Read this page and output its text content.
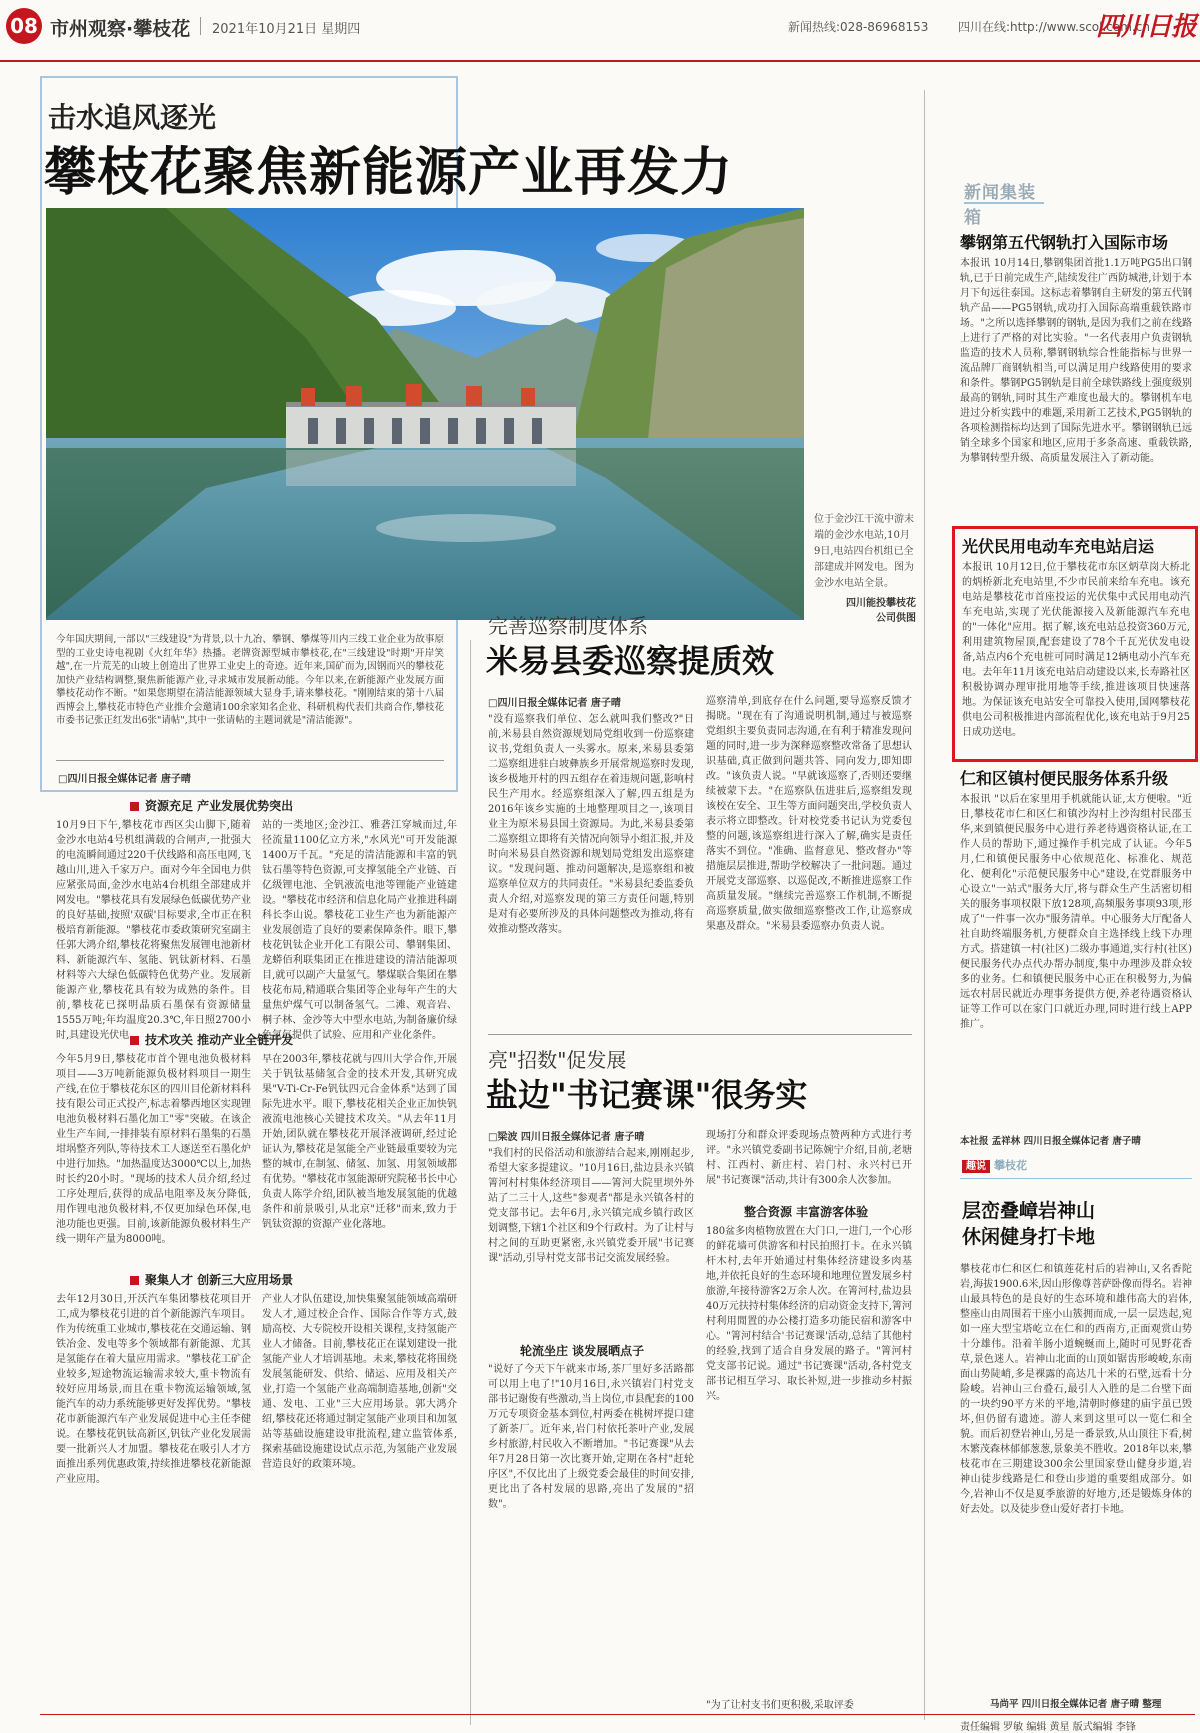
08 市州观察·攀枝花 2021年10月21日 星期四	新闻热线:028-86968153 四川在线:http://www.scol.com.cn
四川日报
击水追风逐光
攀枝花聚焦新能源产业再发力
位于金沙江干流中游末端的金沙水电站,10月9日,电站四台机组已全部建成并网发电。图为金沙水电站全景。
四川能投攀枝花公司供图
今年国庆期间,一部以"三线建设"为背景,以十九冶、攀钢、攀煤等川内三线工业企业为故事原型的工业史诗电视剧《火红年华》热播。老牌资源型城市攀枝花,在"三线建设"时期"开岸笑越",在一片荒芜的山坡上创造出了世界工业史上的奇迹。近年来,国矿而为,因钢而兴的攀枝花加快产业结构调整,聚焦新能源产业,寻求城市发展新动能。今年以来,在新能源产业发展方面攀枝花动作不断。"如果您期望在清洁能源领域大显身手,请来攀枝花。"刚刚结束的第十八届西博会上,攀枝花市特色产业推介会邀请100余家知名企业、科研机构代表们共商合作,攀枝花市委书记张正红发出6张"请帖",其中一张请帖的主题词就是"清洁能源"。
□四川日报全媒体记者 唐子晴
资源充足 产业发展优势突出
10月9日下午,攀枝花市西区尖山脚下,随着金沙水电站4号机组满载的合闸声,一批强大的电流瞬间通过220千伏线路和高压电网,飞越山川,进入千家万户。面对今年全国电力供应紧张局面,金沙水电站4台机组全部建成并网发电。"攀枝花具有发展绿色低碳优势产业的良好基础,按照'双碳'目标要求,全市正在积极培育新能源。"攀枝花市委政策研究室副主任郭大鸿介绍,攀枝花将聚焦发展锂电池新材料、新能源汽车、氢能、钒钛新材料、石墨材料等六大绿色低碳特色优势产业。发展新能源产业,攀枝花具有较为成熟的条件。目前,攀枝花已探明晶质石墨保有资源储量1555万吨;年均温度20.3℃,年日照2700小时,具建设光伏电
站的一类地区;金沙江、雅砻江穿城而过,年径流量1100亿立方米,"水风光"可开发能源1400万千瓦。"充足的清洁能源和丰富的钒钛石墨等特色资源,可支撑氢能全产业链、百亿级锂电池、全钒液流电池等锂能产业链建设。"攀枝花市经济和信息化局产业推进科副科长李山说。攀枝花工业生产也为新能源产业发展创造了良好的要素保障条件。眼下,攀枝花钒钛企业开化工有限公司、攀钢集团、龙蟒佰利联集团正在推进建设的清洁能源项目,就可以副产大量氢气。攀煤联合集团在攀枝花布局,精通联合集团等企业每年产生的大量焦炉煤气可以制备氢气。二滩、观音岩、桐子林、金沙等大中型水电站,为制备廉价绿色氢气提供了试验、应用和产业化条件。
技术攻关 推动产业全链开发
今年5月9日,攀枝花市首个锂电池负极材料项目——3万吨新能源负极材料项目一期生产线,在位于攀枝花东区的四川目伦新材料科技有限公司正式投产,标志着攀西地区实现锂电池负极材料石墨化加工"零"突破。在该企业生产车间,一排排装有原材料石墨集的石墨坩埚整齐列队,等待技术工人逐送至石墨化炉中进行加热。"加热温度达3000℃以上,加热时长约20小时。"现场的技术人员介绍,经过工序处理后,获得的成品电阻率及灰分降低,用作锂电池负极材料,不仅更加绿色环保,电池功能也更强。目前,该新能源负极材料生产线一期年产量为8000吨。
早在2003年,攀枝花就与四川大学合作,开展关于钒钛基储氢合金的技术开发,其研究成果"V-Ti-Cr-Fe钒钛四元合金体系"达到了国际先进水平。眼下,攀枝花相关企业正加快钒液流电池核心关键技术攻关。"从去年11月开始,团队就在攀枝花开展泽液调研,经过论证认为,攀枝花是氢能全产业链最重要较为完整的城市,在制氢、储氢、加氢、用氢领域都有优势。"攀枝花市氢能源研究院秘书长中心负责人陈学介绍,团队被当地发展氢能的优越条件和前景吸引,从北京"迁移"而来,致力于钒钛资源的资源产业化落地。
聚集人才 创新三大应用场景
去年12月30日,开沃汽车集团攀枝花项目开工,成为攀枝花引进的首个新能源汽车项目。作为传统重工业城市,攀枝花在交通运输、钢铁冶金、发电等多个领域都有新能源、尤其是氢能存在着大量应用需求。"攀枝花工矿企业较多,短途物流运输需求较大,重卡物流有较好应用场景,而且在重卡物流运输领域,氢能汽车的动力系统能够更好发挥优势。"攀枝花市新能源汽车产业发展促进中心主任李健说。在攀枝花钒钛高新区,钒钛产业化发展需要一批新兴人才加盟。攀枝花在吸引人才方面推出系列优惠政策,持续推进攀枝花新能源产业应用。
产业人才队伍建设,加快集聚氢能领域高端研发人才,通过校企合作、国际合作等方式,鼓励高校、大专院校开设相关课程,支持氢能产业人才储备。目前,攀枝花正在谋划建设一批氢能产业人才培训基地。未来,攀枝花将围绕发展氢能研发、供给、储运、应用及相关产业,打造一个氢能产业高端制造基地,创新"交通、发电、工业"三大应用场景。郭大鸿介绍,攀枝花还将通过制定氢能产业项目和加氢站等基础设施建设审批流程,建立监管体系,探索基础设施建设试点示范,为氢能产业发展营造良好的政策环境。
完善巡察制度体系
米易县委巡察提质效
□四川日报全媒体记者 唐子晴
"没有巡察我们单位、怎么就叫我们整改?"日前,米易县自然资源规划局党组收到一份巡察建议书,党组负责人一头雾水。原来,米易县委第二巡察组进驻白坡彝族乡开展常规巡察时发现,该乡极地开村的四五组存在着违规问题,影响村民生产用水。经巡察组深入了解,四五组是为2016年该乡实施的土地整理项目之一,该项目业主为原米易县国土资源局。为此,米易县委第二巡察组立即将有关情况向领导小组汇报,并及时向米易县自然资源和规划局党组发出巡察建议。"发现问题、推动问题解决,是巡察组和被巡察单位双方的共同责任。"米易县纪委监委负责人介绍,对巡察发现的第三方责任问题,特别是对有必要所涉及的具体问题整改为推动,将有效推动整改落实。
巡察清单,到底存在什么问题,要导巡察反馈才揭晓。"现在有了沟通说明机制,通过与被巡察党组织主要负责同志沟通,在有利于精准发现问题的同时,进一步为深释巡察整改常备了思想认识基础,真正做到问题共答、同向发力,即知即改。"该负责人说。"早就该巡察了,否则还要继续被蒙下去。"在巡察队伍进驻后,巡察组发现该校在安全、卫生等方面问题突出,学校负责人表示将立即整改。针对校党委书记认为党委包整的问题,该巡察组进行深入了解,确实是责任落实不到位。"准确、监督意见、整改督办"等措施层层推进,帮助学校解决了一批问题。通过开展党支部巡察、以巡促改,不断推进巡察工作高质量发展。"继续完善巡察工作机制,不断提高巡察质量,做实做细巡察整改工作,让巡察成果惠及群众。"米易县委巡察办负责人说。
亮"招数"促发展
盐边"书记赛课"很务实
□梁波 四川日报全媒体记者 唐子晴
"我们村的民俗活动和旅游结合起来,刚刚起步,希望大家多提建议。"10月16日,盐边县永兴镇箐河村村集体经济项目——箐河大院里坝外外站了二三十人,这些"参观者"都是永兴镇各村的党支部书记。去年6月,永兴镇完成乡镇行政区划调整,下辖1个社区和9个行政村。为了让村与村之间的互助更紧密,永兴镇党委开展"书记赛课"活动,引导村党支部书记交流发展经验。
轮流坐庄 谈发展晒点子
"说好了今天下午就来市场,茶厂里好多活路都可以用上电了!"10月16日,永兴镇岩门村党支部书记谢俊有些激动,当上岗位,市县配套的100万元专项资金基本到位,村两委在桃树坪提口建了新茶厂。近年来,岩门村依托茶叶产业,发展乡村旅游,村民收入不断增加。"书记赛课"从去年7月28日第一次比赛开始,定期在各村"赶轮序区",不仅比出了上级党委会最佳的时间安排,更比出了各村发展的思路,亮出了发展的"招数"。
现场打分和群众评委现场点赞两种方式进行考评。"永兴镇党委副书记陈婉宁介绍,目前,老塘村、江西村、新庄村、岩门村、永兴村已开展"书记赛课"活动,共计有300余人次参加。
整合资源 丰富游客体验
180盆多肉植物放置在大门口,一进门,一个心形的鲜花墙可供游客和村民拍照打卡。在永兴镇杆木村,去年开始通过村集体经济建设多肉基地,并依托良好的生态环境和地理位置发展乡村旅游,年接待游客2万余人次。在箐河村,盐边县40万元扶持村集体经济的启动资金支持下,箐河村利用閒置的办公楼打造多功能民宿和游客中心。"箐河村结合'书记赛课'活动,总结了其他村的经验,找到了适合自身发展的路子。"箐河村党支部书记说。通过"书记赛课"活动,各村党支部书记相互学习、取长补短,进一步推动乡村振兴。
"为了让村支书们更积极,采取评委
新闻集装箱
攀钢第五代钢轨打入国际市场
本报讯 10月14日,攀钢集团首批1.1万吨PG5出口钢轨,已于日前完成生产,陆续发往广西防城港,计划于本月下旬远往泰国。这标志着攀钢自主研发的第五代钢轨产品——PG5钢轨,成功打入国际高端重载铁路市场。"之所以选择攀钢的钢轨,是因为我们之前在线路上进行了严格的对比实验。"一名代表用户负责钢轨监造的技术人员称,攀钢钢轨综合性能指标与世界一流品牌厂商钢轨相当,可以满足用户线路使用的要求和条件。攀钢PG5钢轨是目前全球铁路线上强度级别最高的钢轨,同时其生产难度也最大的。攀钢机车电进过分析实践中的难题,采用新工艺技术,PG5钢轨的各项检测指标均达到了国际先进水平。攀钢钢轨已远销全球多个国家和地区,应用于多条高速、重载铁路,为攀钢转型升级、高质量发展注入了新动能。
光伏民用电动车充电站启运
本报讯 10月12日,位于攀枝花市东区炳草岗大桥北的炳桥新北充电站里,不少市民前来给车充电。该充电站是攀枝花市首座投运的光伏集中式民用电动汽车充电站,实现了光伏能源接入及新能源汽车充电的"一体化"应用。据了解,该充电站总投资360万元,利用建筑物屋顶,配套建设了78个千瓦光伏发电设备,站点内6个充电桩可同时满足12辆电动小汽车充电。去年年11月该充电站启动建设以来,长寿路社区积极协调办理审批用地等手续,推进该项目快速落地。为保证该充电站安全可靠投入使用,国网攀枝花供电公司积极推进内部流程优化,该充电站于9月25日成功送电。
仁和区镇村便民服务体系升级
本报讯 "以后在家里用手机就能认证,太方便啦。"近日,攀枝花市仁和区仁和镇沙沟村上沙沟组村民邵玉华,来到镇便民服务中心进行养老待遇资格认证,在工作人员的帮助下,通过操作手机完成了认证。今年5月,仁和镇便民服务中心依规范化、标准化、规范化、便利化"示范便民服务中心"建设,在党群服务中心设立"一站式"服务大厅,将与群众生产生活密切相关的服务事项权限下放128项,高频服务事项93项,形成了"一件事一次办"服务清单。中心服务大厅配备人社自助终端服务机,方便群众自主选择线上线下办理方式。搭建镇一村(社区)二级办事通道,实行村(社区)便民服务代办点代办帮办制度,集中办理涉及群众较多的业务。仁和镇便民服务中心正在积极努力,为偏远农村居民就近办理事务提供方便,养老待遇资格认证等工作可以在家门口就近办理,同时进行线上APP推广。
本社报 孟祥林 四川日报全媒体记者 唐子晴
趣说 攀枝花
层峦叠嶂岩神山
休闲健身打卡地
攀枝花市仁和区仁和镇莲花村后的岩神山,又名香陀岩,海拔1900.6米,因山形像尊菩萨卧像而得名。岩神山最具特色的是良好的生态环境和雄伟高大的岩体,整座山由周围若干座小山簇拥而成,一层一层迭起,宛如一座大型宝塔屹立在仁和的西南方,正面观赏山势十分雄伟。沿着羊肠小道蜿蜒而上,随时可见野花香草,景色迷人。岩神山北面的山顶如锯齿形峻峻,东南面山势陡峭,多是裸露的高达几十米的石壁,远看十分险峻。岩神山三台叠石,最引人入胜的是二台壁下面的一块约90平方米的平地,清朝时修建的庙宇虽已毁坏,但仍留有遗迹。游人来到这里可以一览仁和全貌。而后初登岩神山,另是一番景致,从山顶往下看,树木繁茂森林郁郁葱葱,景象美不胜收。2018年以来,攀枝花市在三期建设300余公里国家登山健身步道,岩神山徒步线路是仁和登山步道的重要组成部分。如今,岩神山不仅是夏季旅游的好地方,还是锻炼身体的好去处。以及徒步登山爱好者打卡地。
马尚平 四川日报全媒体记者 唐子晴 整理
责任编辑 罗敏 编辑 黄星 版式编辑 李锋
